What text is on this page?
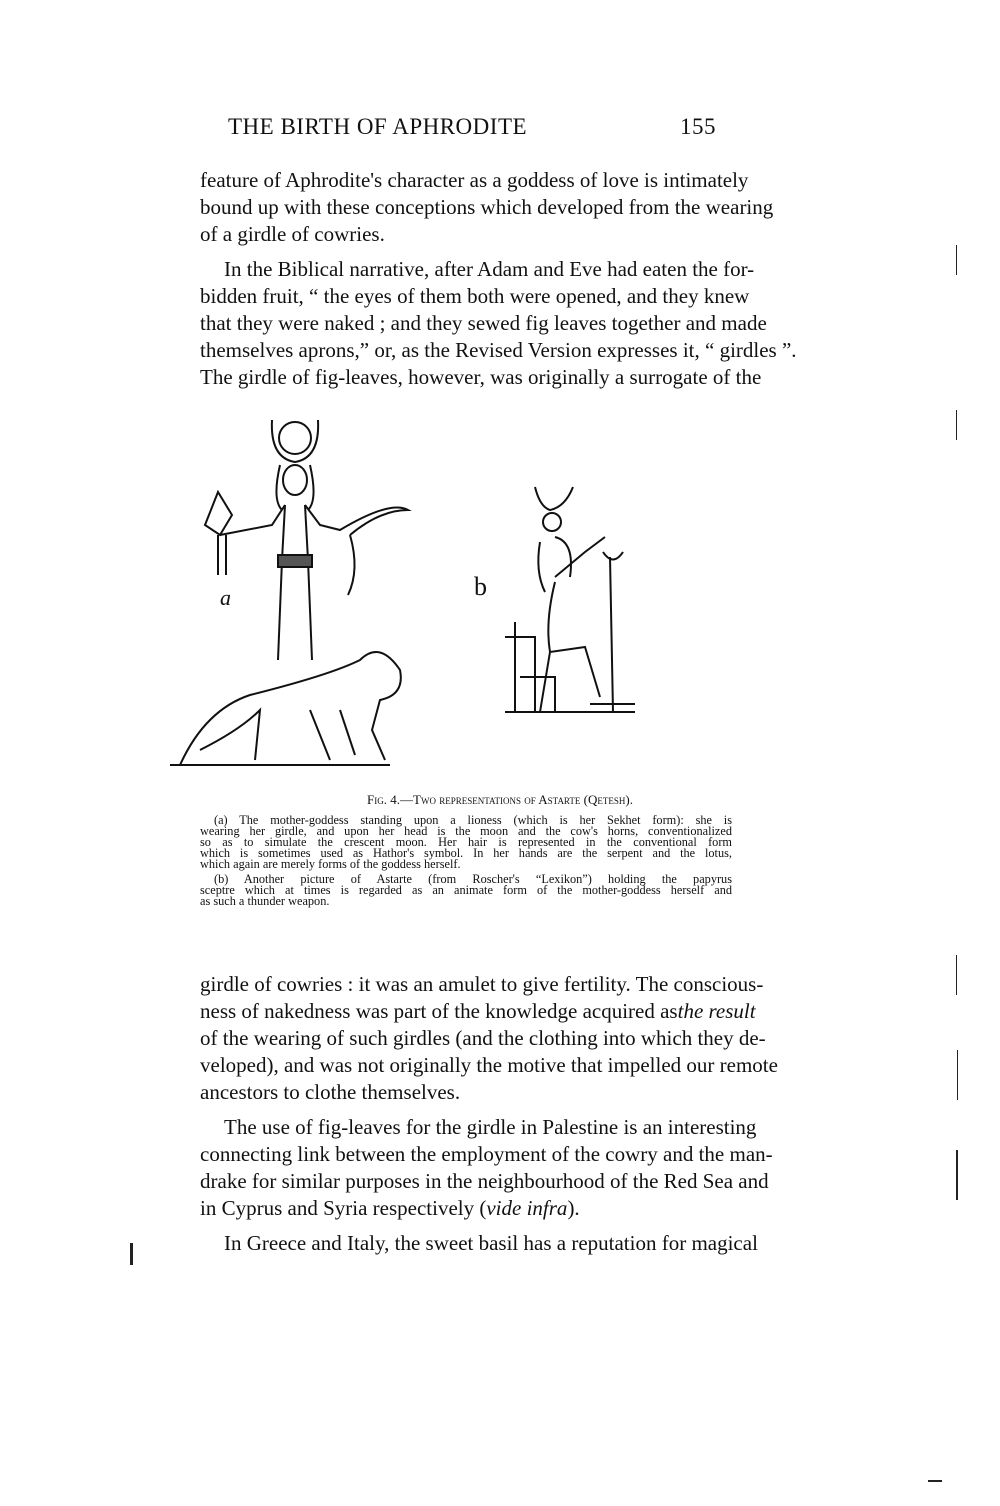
THE BIRTH OF APHRODITE	155
feature of Aphrodite's character as a goddess of love is intimately
bound up with these conceptions which developed from the wearing
of a girdle of cowries.
In the Biblical narrative, after Adam and Eve had eaten the for-
bidden fruit, “ the eyes of them both were opened, and they knew
that they were naked ; and they sewed fig leaves together and made
themselves aprons,” or, as the Revised Version expresses it, “ girdles ”.
The girdle of fig-leaves, however, was originally a surrogate of the
a	b
Fig. 4.—Two representations of Astarte (Qetesh).
(a) The mother-goddess standing upon a lioness (which is her Sekhet form): she is
wearing her girdle, and upon her head is the moon and the cow's horns, conventionalized
so as to simulate the crescent moon. Her hair is represented in the conventional form
which is sometimes used as Hathor's symbol. In her hands are the serpent and the lotus,
which again are merely forms of the goddess herself.
(b) Another picture of Astarte (from Roscher's “Lexikon”) holding the papyrus
sceptre which at times is regarded as an animate form of the mother-goddess herself and
as such a thunder weapon.
girdle of cowries : it was an amulet to give fertility. The conscious-
ness of nakedness was part of the knowledge acquired as the result
of the wearing of such girdles (and the clothing into which they de-
veloped), and was not originally the motive that impelled our remote
ancestors to clothe themselves.
The use of fig-leaves for the girdle in Palestine is an interesting
connecting link between the employment of the cowry and the man-
drake for similar purposes in the neighbourhood of the Red Sea and
in Cyprus and Syria respectively (vide infra).
In Greece and Italy, the sweet basil has a reputation for magical
